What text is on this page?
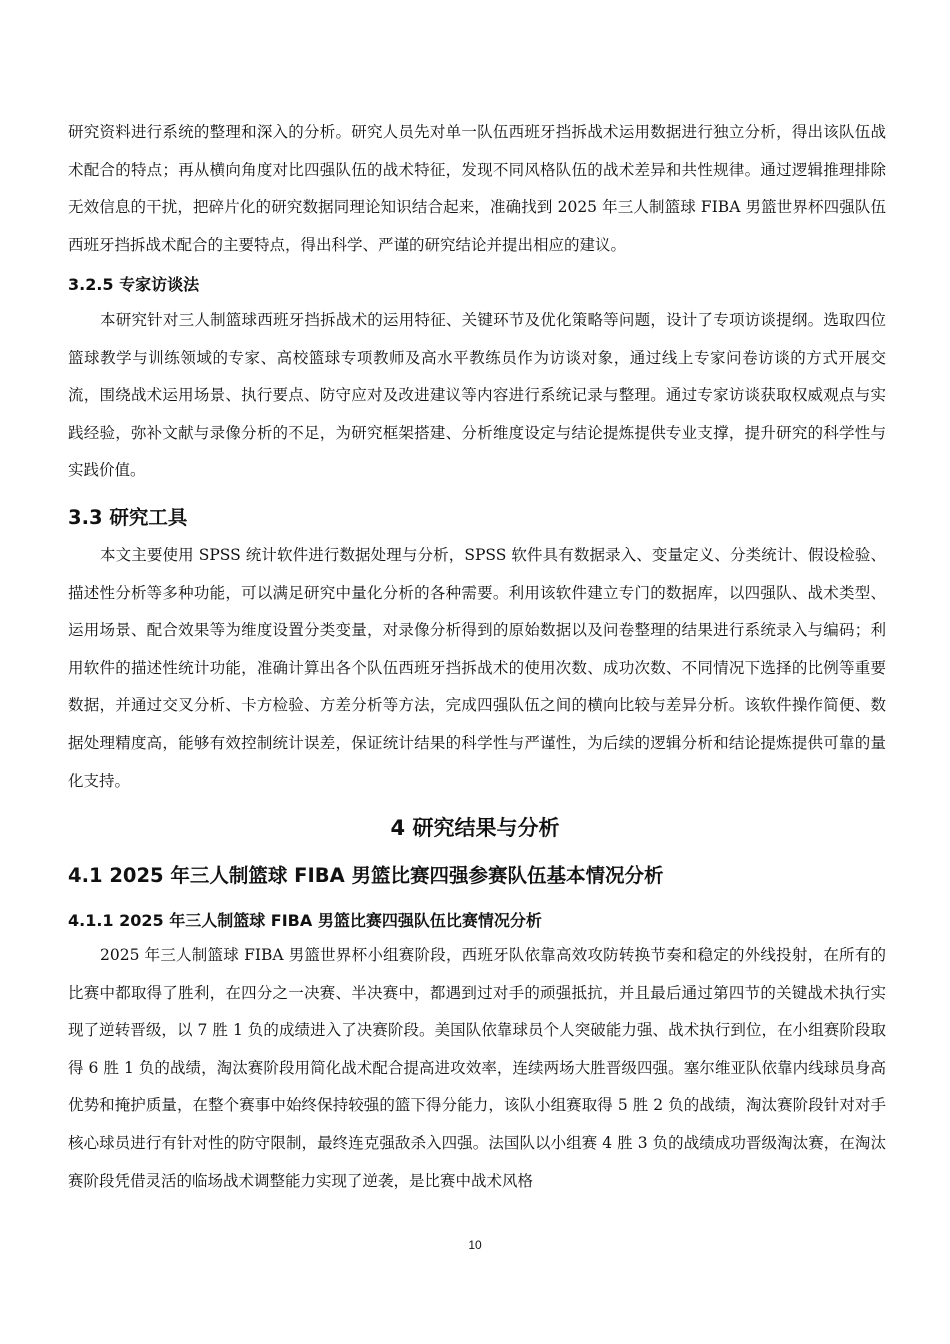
研究资料进行系统的整理和深入的分析。研究人员先对单一队伍西班牙挡拆战术运用数据进行独立分析，得出该队伍战术配合的特点；再从横向角度对比四强队伍的战术特征，发现不同风格队伍的战术差异和共性规律。通过逻辑推理排除无效信息的干扰，把碎片化的研究数据同理论知识结合起来，准确找到 2025 年三人制篮球 FIBA 男篮世界杯四强队伍西班牙挡拆战术配合的主要特点，得出科学、严谨的研究结论并提出相应的建议。

3.2.5 专家访谈法

本研究针对三人制篮球西班牙挡拆战术的运用特征、关键环节及优化策略等问题，设计了专项访谈提纲。选取四位篮球教学与训练领域的专家、高校篮球专项教师及高水平教练员作为访谈对象，通过线上专家问卷访谈的方式开展交流，围绕战术运用场景、执行要点、防守应对及改进建议等内容进行系统记录与整理。通过专家访谈获取权威观点与实践经验，弥补文献与录像分析的不足，为研究框架搭建、分析维度设定与结论提炼提供专业支撑，提升研究的科学性与实践价值。

3.3 研究工具

本文主要使用 SPSS 统计软件进行数据处理与分析，SPSS 软件具有数据录入、变量定义、分类统计、假设检验、描述性分析等多种功能，可以满足研究中量化分析的各种需要。利用该软件建立专门的数据库，以四强队、战术类型、运用场景、配合效果等为维度设置分类变量，对录像分析得到的原始数据以及问卷整理的结果进行系统录入与编码；利用软件的描述性统计功能，准确计算出各个队伍西班牙挡拆战术的使用次数、成功次数、不同情况下选择的比例等重要数据，并通过交叉分析、卡方检验、方差分析等方法，完成四强队伍之间的横向比较与差异分析。该软件操作简便、数据处理精度高，能够有效控制统计误差，保证统计结果的科学性与严谨性，为后续的逻辑分析和结论提炼提供可靠的量化支持。

4 研究结果与分析
4.1 2025 年三人制篮球 FIBA 男篮比赛四强参赛队伍基本情况分析
4.1.1 2025 年三人制篮球 FIBA 男篮比赛四强队伍比赛情况分析

2025 年三人制篮球 FIBA 男篮世界杯小组赛阶段，西班牙队依靠高效攻防转换节奏和稳定的外线投射，在所有的比赛中都取得了胜利，在四分之一决赛、半决赛中，都遇到过对手的顽强抵抗，并且最后通过第四节的关键战术执行实现了逆转晋级，以 7 胜 1 负的成绩进入了决赛阶段。美国队依靠球员个人突破能力强、战术执行到位，在小组赛阶段取得 6 胜 1 负的战绩，淘汰赛阶段用简化战术配合提高进攻效率，连续两场大胜晋级四强。塞尔维亚队依靠内线球员身高优势和掩护质量，在整个赛事中始终保持较强的篮下得分能力，该队小组赛取得 5 胜 2 负的战绩，淘汰赛阶段针对对手核心球员进行有针对性的防守限制，最终连克强敌杀入四强。法国队以小组赛 4 胜 3 负的战绩成功晋级淘汰赛，在淘汰赛阶段凭借灵活的临场战术调整能力实现了逆袭，是比赛中战术风格

10
